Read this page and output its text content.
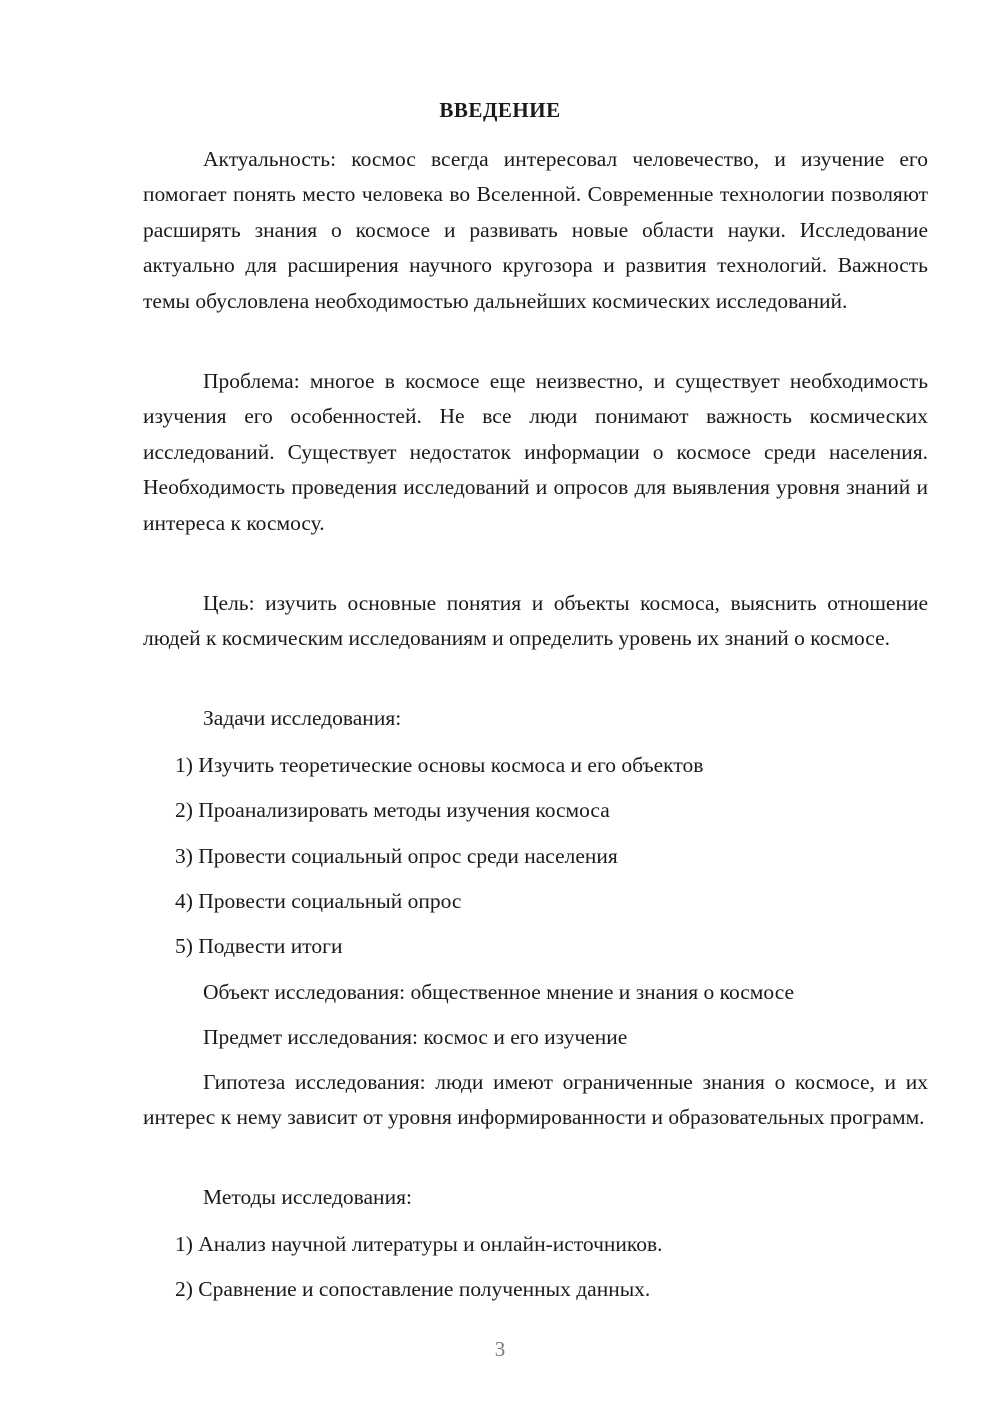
ВВЕДЕНИЕ

Актуальность: космос всегда интересовал человечество, и изучение его помогает понять место человека во Вселенной. Современные технологии позволяют расширять знания о космосе и развивать новые области науки. Исследование актуально для расширения научного кругозора и развития технологий. Важность темы обусловлена необходимостью дальнейших космических исследований.

Проблема: многое в космосе еще неизвестно, и существует необходимость изучения его особенностей. Не все люди понимают важность космических исследований. Существует недостаток информации о космосе среди населения. Необходимость проведения исследований и опросов для выявления уровня знаний и интереса к космосу.

Цель: изучить основные понятия и объекты космоса, выяснить отношение людей к космическим исследованиям и определить уровень их знаний о космосе.

Задачи исследования:
1) Изучить теоретические основы космоса и его объектов
2) Проанализировать методы изучения космоса
3) Провести социальный опрос среди населения
4) Провести социальный опрос
5) Подвести итоги
Объект исследования: общественное мнение и знания о космосе
Предмет исследования: космос и его изучение

Гипотеза исследования: люди имеют ограниченные знания о космосе, и их интерес к нему зависит от уровня информированности и образовательных программ.

Методы исследования:
1) Анализ научной литературы и онлайн-источников.
2) Сравнение и сопоставление полученных данных.
3
